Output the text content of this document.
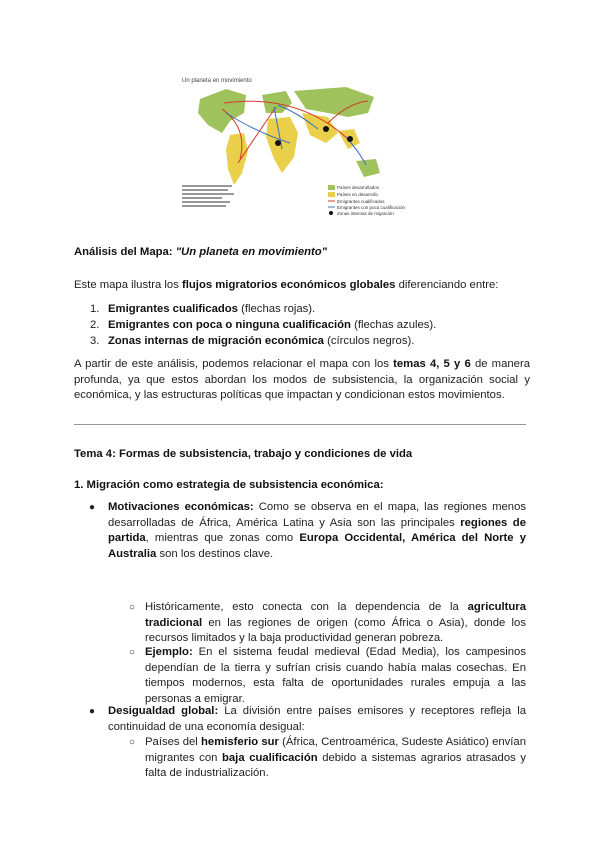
Un planeta en movimiento
Países desarrollados
Países en desarrollo
Emigrantes cualificados
Emigrantes con poca cualificación
Zonas internas de migración

Análisis del Mapa: "Un planeta en movimiento"

Este mapa ilustra los flujos migratorios económicos globales diferenciando entre:

1. Emigrantes cualificados (flechas rojas).
2. Emigrantes con poca o ninguna cualificación (flechas azules).
3. Zonas internas de migración económica (círculos negros).

A partir de este análisis, podemos relacionar el mapa con los temas 4, 5 y 6 de manera profunda, ya que estos abordan los modos de subsistencia, la organización social y económica, y las estructuras políticas que impactan y condicionan estos movimientos.

Tema 4: Formas de subsistencia, trabajo y condiciones de vida

1. Migración como estrategia de subsistencia económica:

● Motivaciones económicas: Como se observa en el mapa, las regiones menos desarrolladas de África, América Latina y Asia son las principales regiones de partida, mientras que zonas como Europa Occidental, América del Norte y Australia son los destinos clave.

○ Históricamente, esto conecta con la dependencia de la agricultura tradicional en las regiones de origen (como África o Asia), donde los recursos limitados y la baja productividad generan pobreza.

○ Ejemplo: En el sistema feudal medieval (Edad Media), los campesinos dependían de la tierra y sufrían crisis cuando había malas cosechas. En tiempos modernos, esta falta de oportunidades rurales empuja a las personas a emigrar.

● Desigualdad global: La división entre países emisores y receptores refleja la continuidad de una economía desigual:

○ Países del hemisferio sur (África, Centroamérica, Sudeste Asiático) envían migrantes con baja cualificación debido a sistemas agrarios atrasados y falta de industrialización.
